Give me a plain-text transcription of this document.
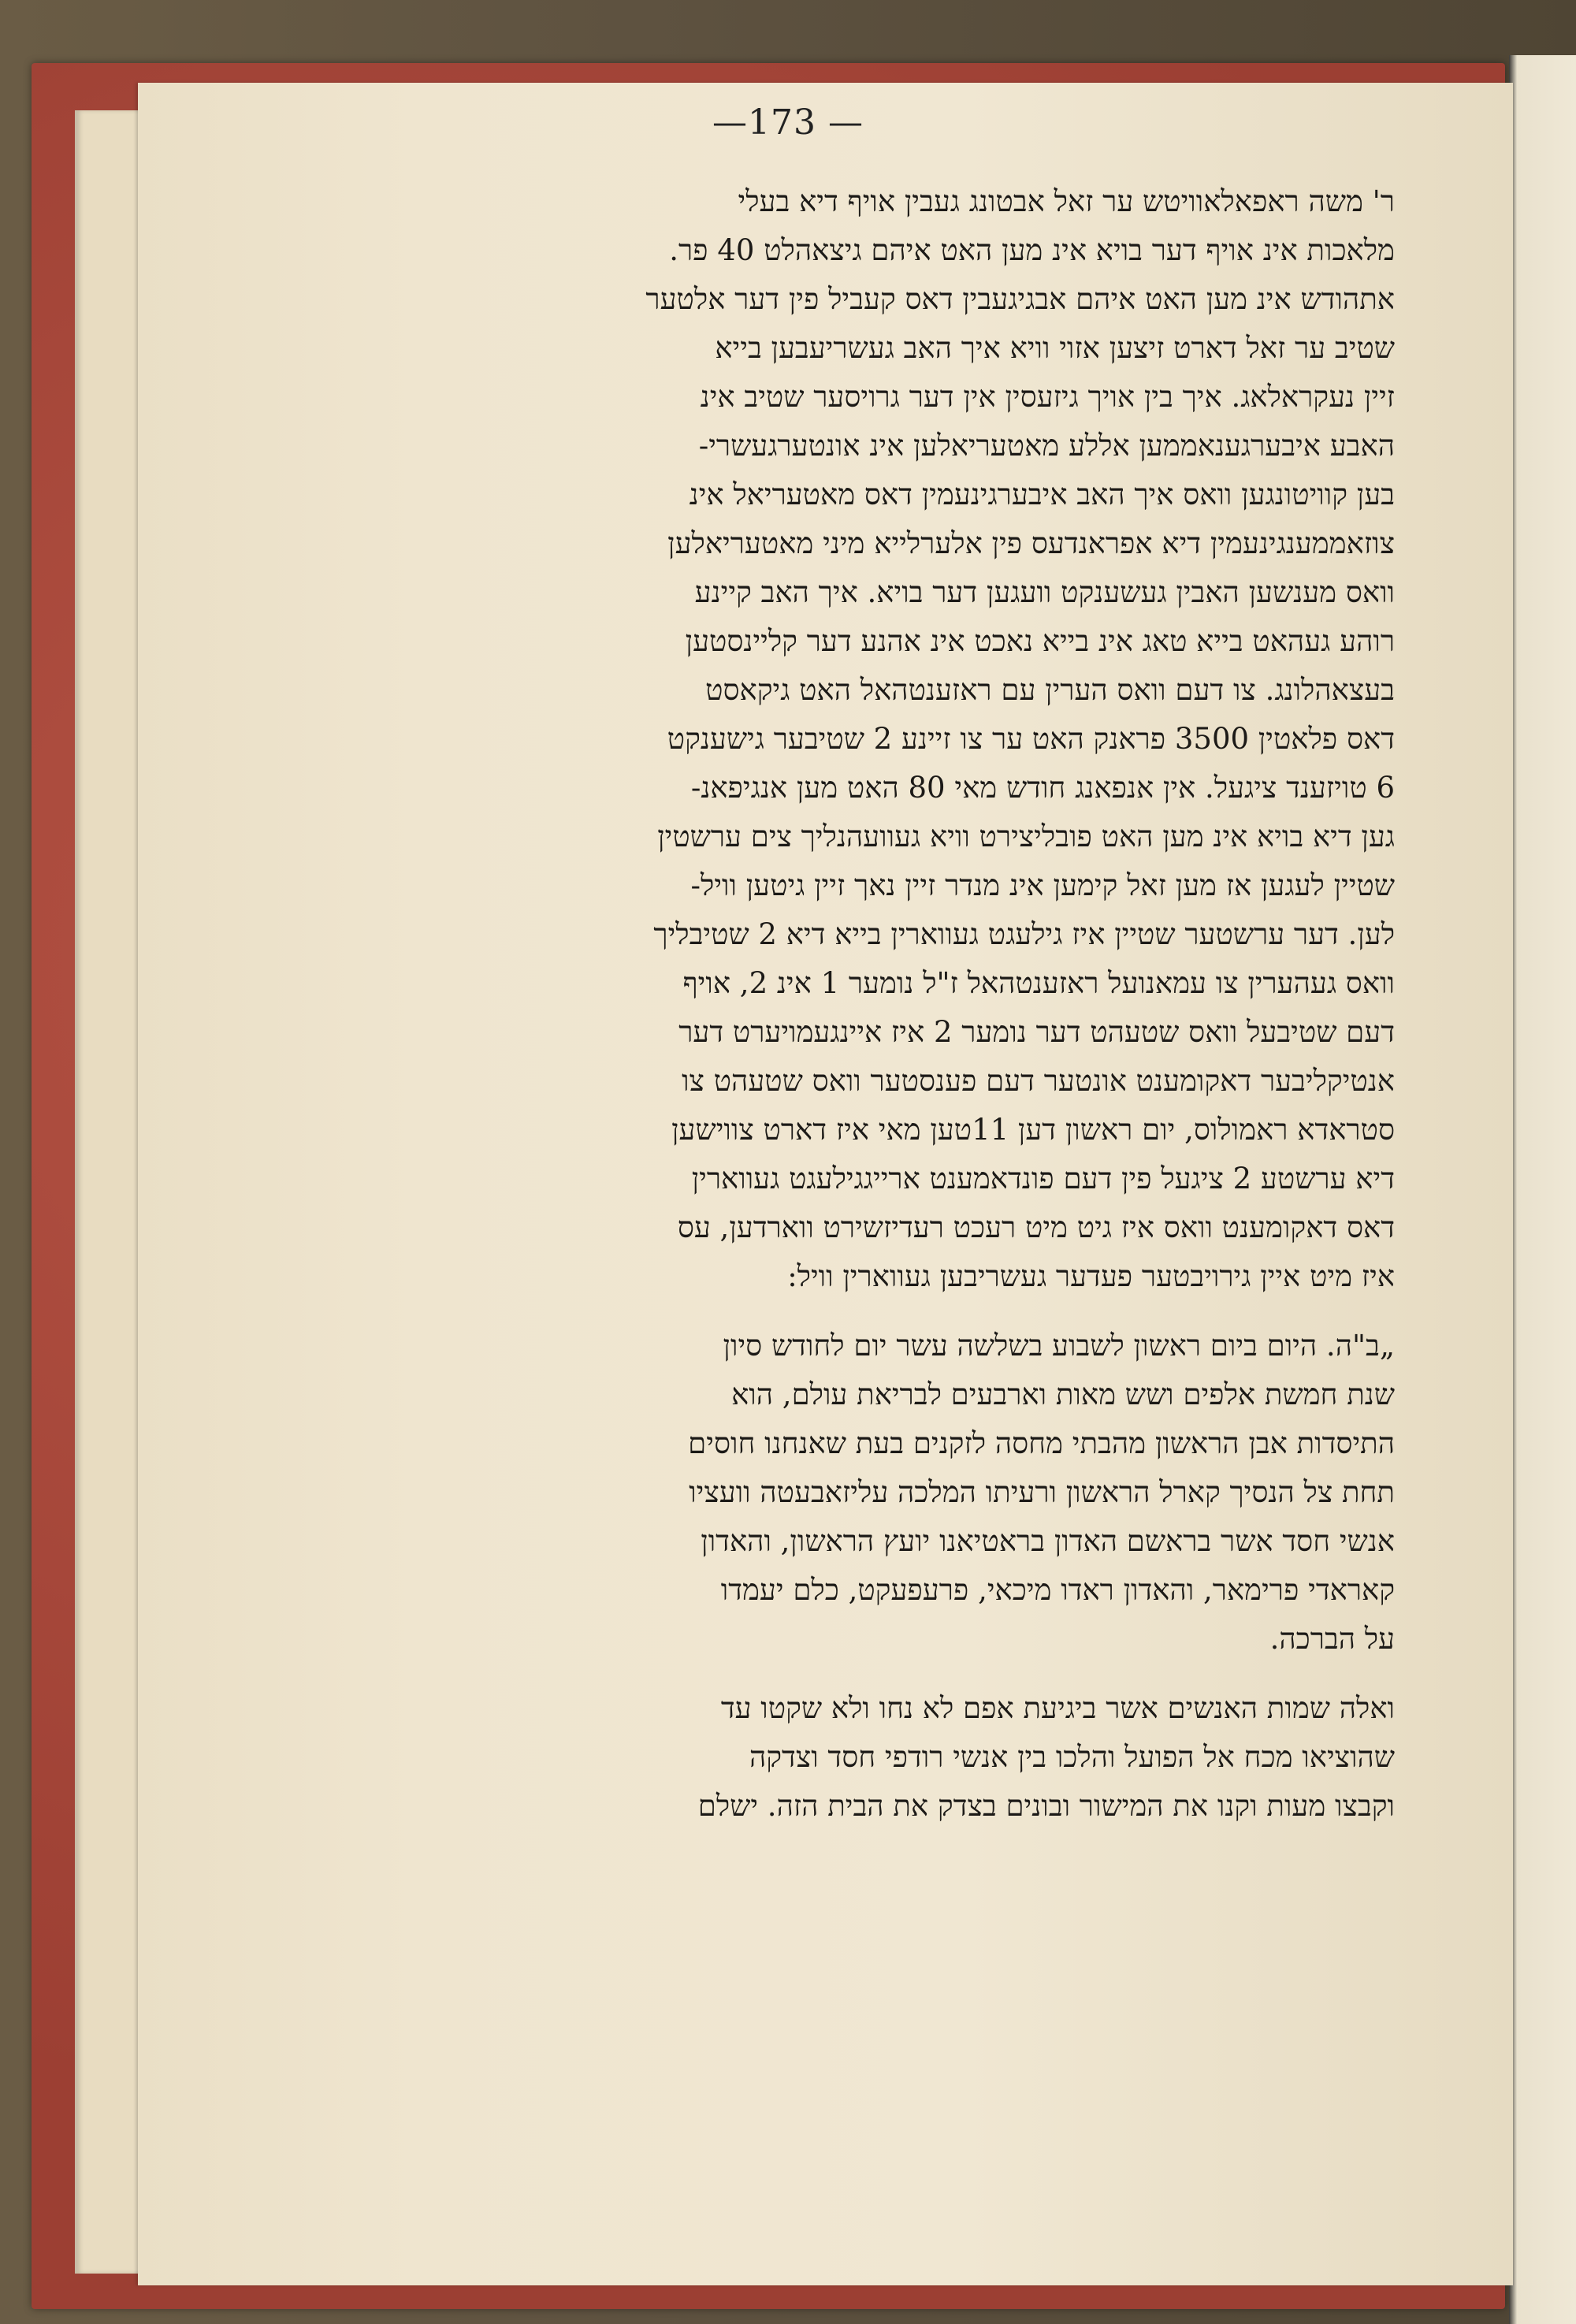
—173 —
ר' משה ראפאלאוויטש ער זאל אבטונג געבין אויף דיא בעלי
מלאכות אינ אויף דער בויא אינ מען האט איהם גיצאהלט 40 פר.
אתהודש אינ מען האט איהם אבגיגעבין דאס קעביל פין דער אלטער
שטיב ער זאל דארט זיצען אזוי וויא איך האב געשריעבען בייא
זיין נעקראלאג. איך בין אויך גיזעסין אין דער גרויסער שטיב אינ
האבע איבערגענאממען אללע מאטעריאלען אינ אונטערגעשרי-
בען קוויטונגען וואס איך האב איבערגינעמין דאס מאטעריאל אינ
צוזאממענגינעמין דיא אפראנדעס פין אלערלייא מיני מאטעריאלען
וואס מענשען האבין געשענקט וועגען דער בויא. איך האב קיינע
רוהע געהאט בייא טאג אינ בייא נאכט אינ אהנע דער קליינסטען
בעצאהלונג. צו דעם וואס הערין עם ראזענטהאל האט גיקאסט
דאס פלאטין 3500 פראנק האט ער צו זיינע 2 שטיבער גישענקט
6 טויזענד ציגעל. אין אנפאנג חודש מאי 80 האט מען אנגיפאנ-
גען דיא בויא אינ מען האט פובליצירט וויא געוועהנליך צים ערשטין
שטיין לעגען אז מען זאל קימען אינ מנדר זיין נאך זיין גיטען וויל-
לען. דער ערשטער שטיין איז גילעגט געווארין בייא דיא 2 שטיבליך
וואס געהערין צו עמאנועל ראזענטהאל ז"ל נומער 1 אינ 2, אויף
דעם שטיבעל וואס שטעהט דער נומער 2 איז איינגעמויערט דער
אנטיקליבער דאקומענט אונטער דעם פענסטער וואס שטעהט צו
סטראדא ראמולוס, יום ראשון דען 11טען מאי איז דארט צווישען
דיא ערשטע 2 ציגעל פין דעם פונדאמענט ארייגגילעגט געווארין
דאס דאקומענט וואס איז גיט מיט רעכט רעדיזשירט ווארדען, עס
איז מיט איין גירויבטער פעדער געשריבען געווארין וויל:
„ב"ה. היום ביום ראשון לשבוע בשלשה עשר יום לחודש סיון
שנת חמשת אלפים ושש מאות וארבעים לבריאת עולם, הוא
התיסדות אבן הראשון מהבתי מחסה לזקנים בעת שאנחנו חוסים
תחת צל הנסיך קארל הראשון ורעיתו המלכה עליזאבעטה וועציו
אנשי חסד אשר בראשם האדון בראטיאנו יועץ הראשון, והאדון
קאראדי פרימאר, והאדון ראדו מיכאי, פרעפעקט, כלם יעמדו
על הברכה.
ואלה שמות האנשים אשר ביגיעת אפם לא נחו ולא שקטו עד
שהוציאו מכח אל הפועל והלכו בין אנשי רודפי חסד וצדקה
וקבצו מעות וקנו את המישור ובונים בצדק את הבית הזה. ישלם
